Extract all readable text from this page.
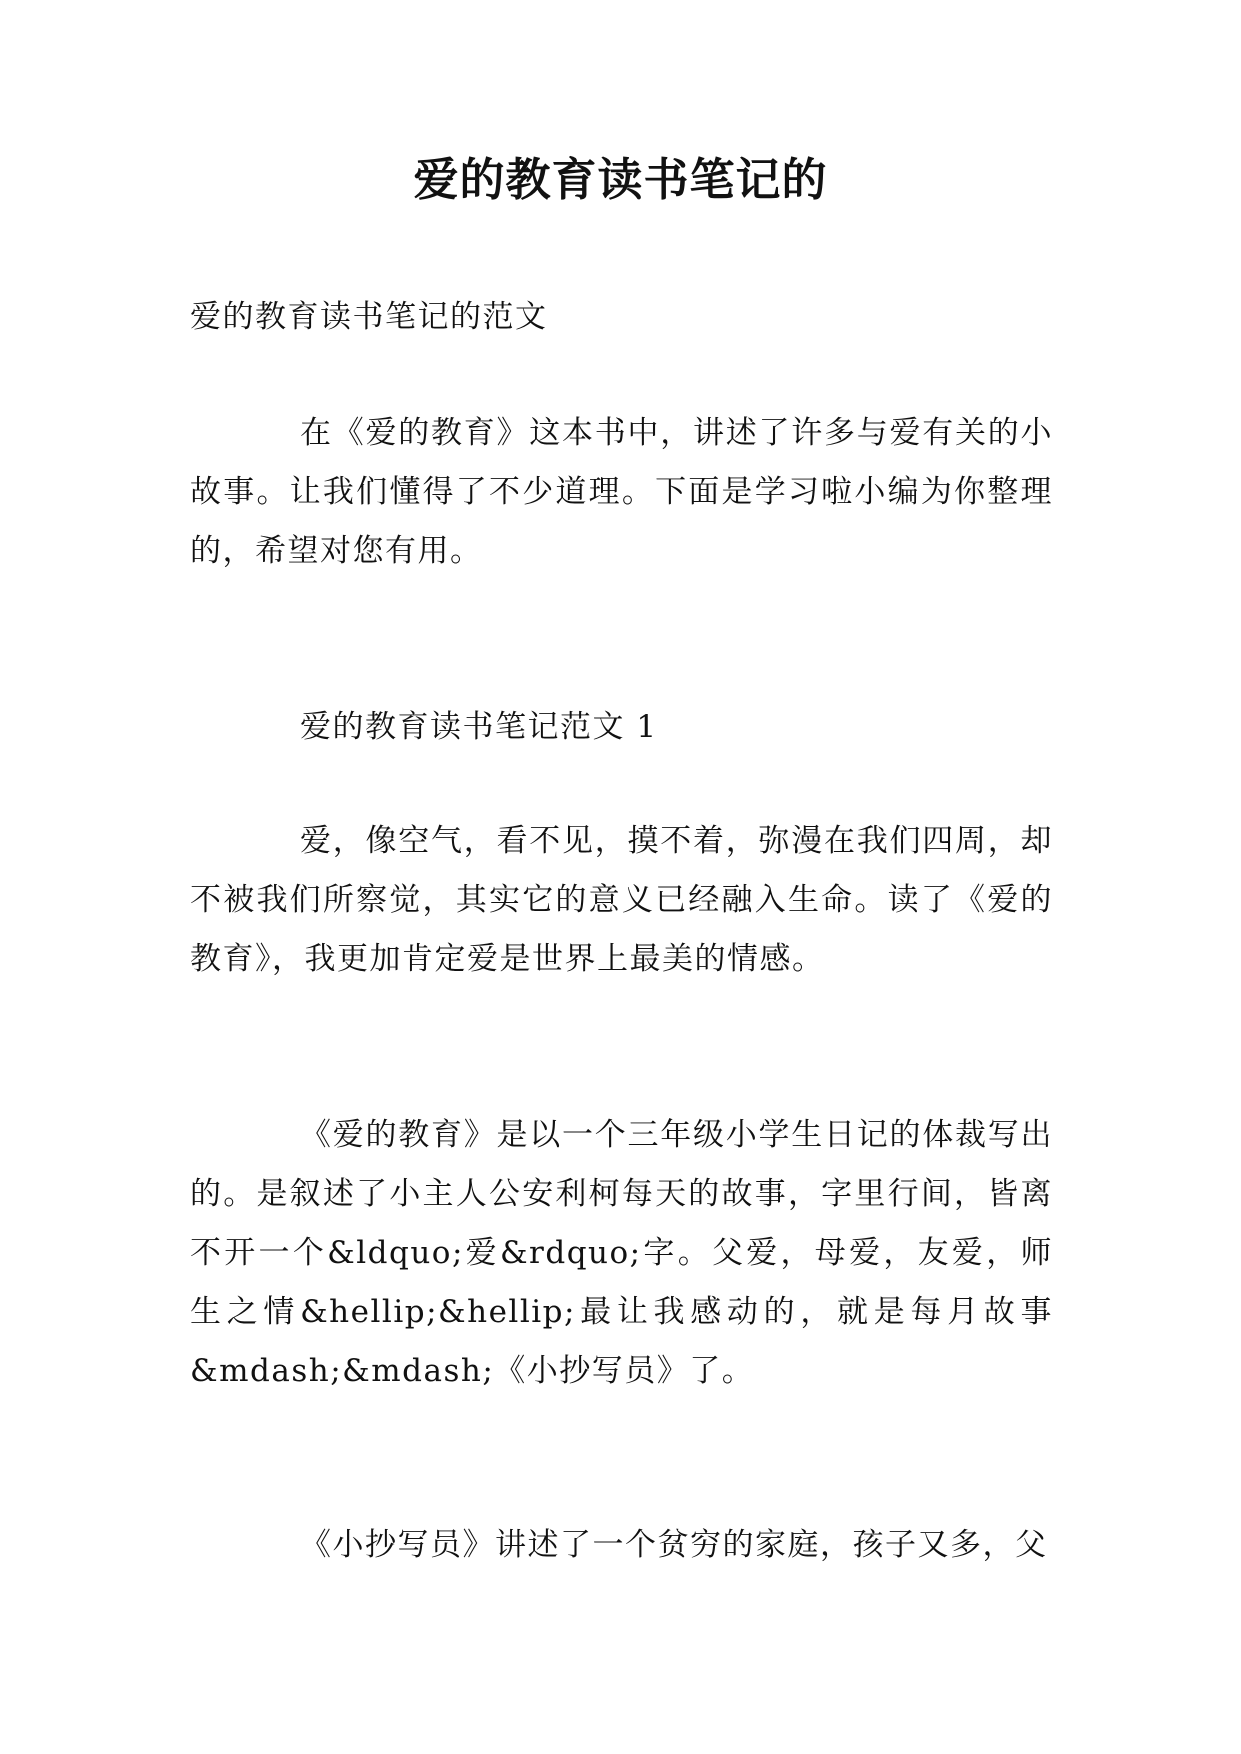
爱的教育读书笔记的

爱的教育读书笔记的范文

在《爱的教育》这本书中，讲述了许多与爱有关的小故事。让我们懂得了不少道理。下面是学习啦小编为你整理的，希望对您有用。

爱的教育读书笔记范文 1

爱，像空气，看不见，摸不着，弥漫在我们四周，却不被我们所察觉，其实它的意义已经融入生命。读了《爱的教育》，我更加肯定爱是世界上最美的情感。

《爱的教育》是以一个三年级小学生日记的体裁写出的。是叙述了小主人公安利柯每天的故事，字里行间，皆离不开一个&ldquo;爱&rdquo;字。父爱，母爱，友爱，师生之情&hellip;&hellip;最让我感动的，就是每月故事&mdash;&mdash;《小抄写员》了。

《小抄写员》讲述了一个贫穷的家庭，孩子又多，父
